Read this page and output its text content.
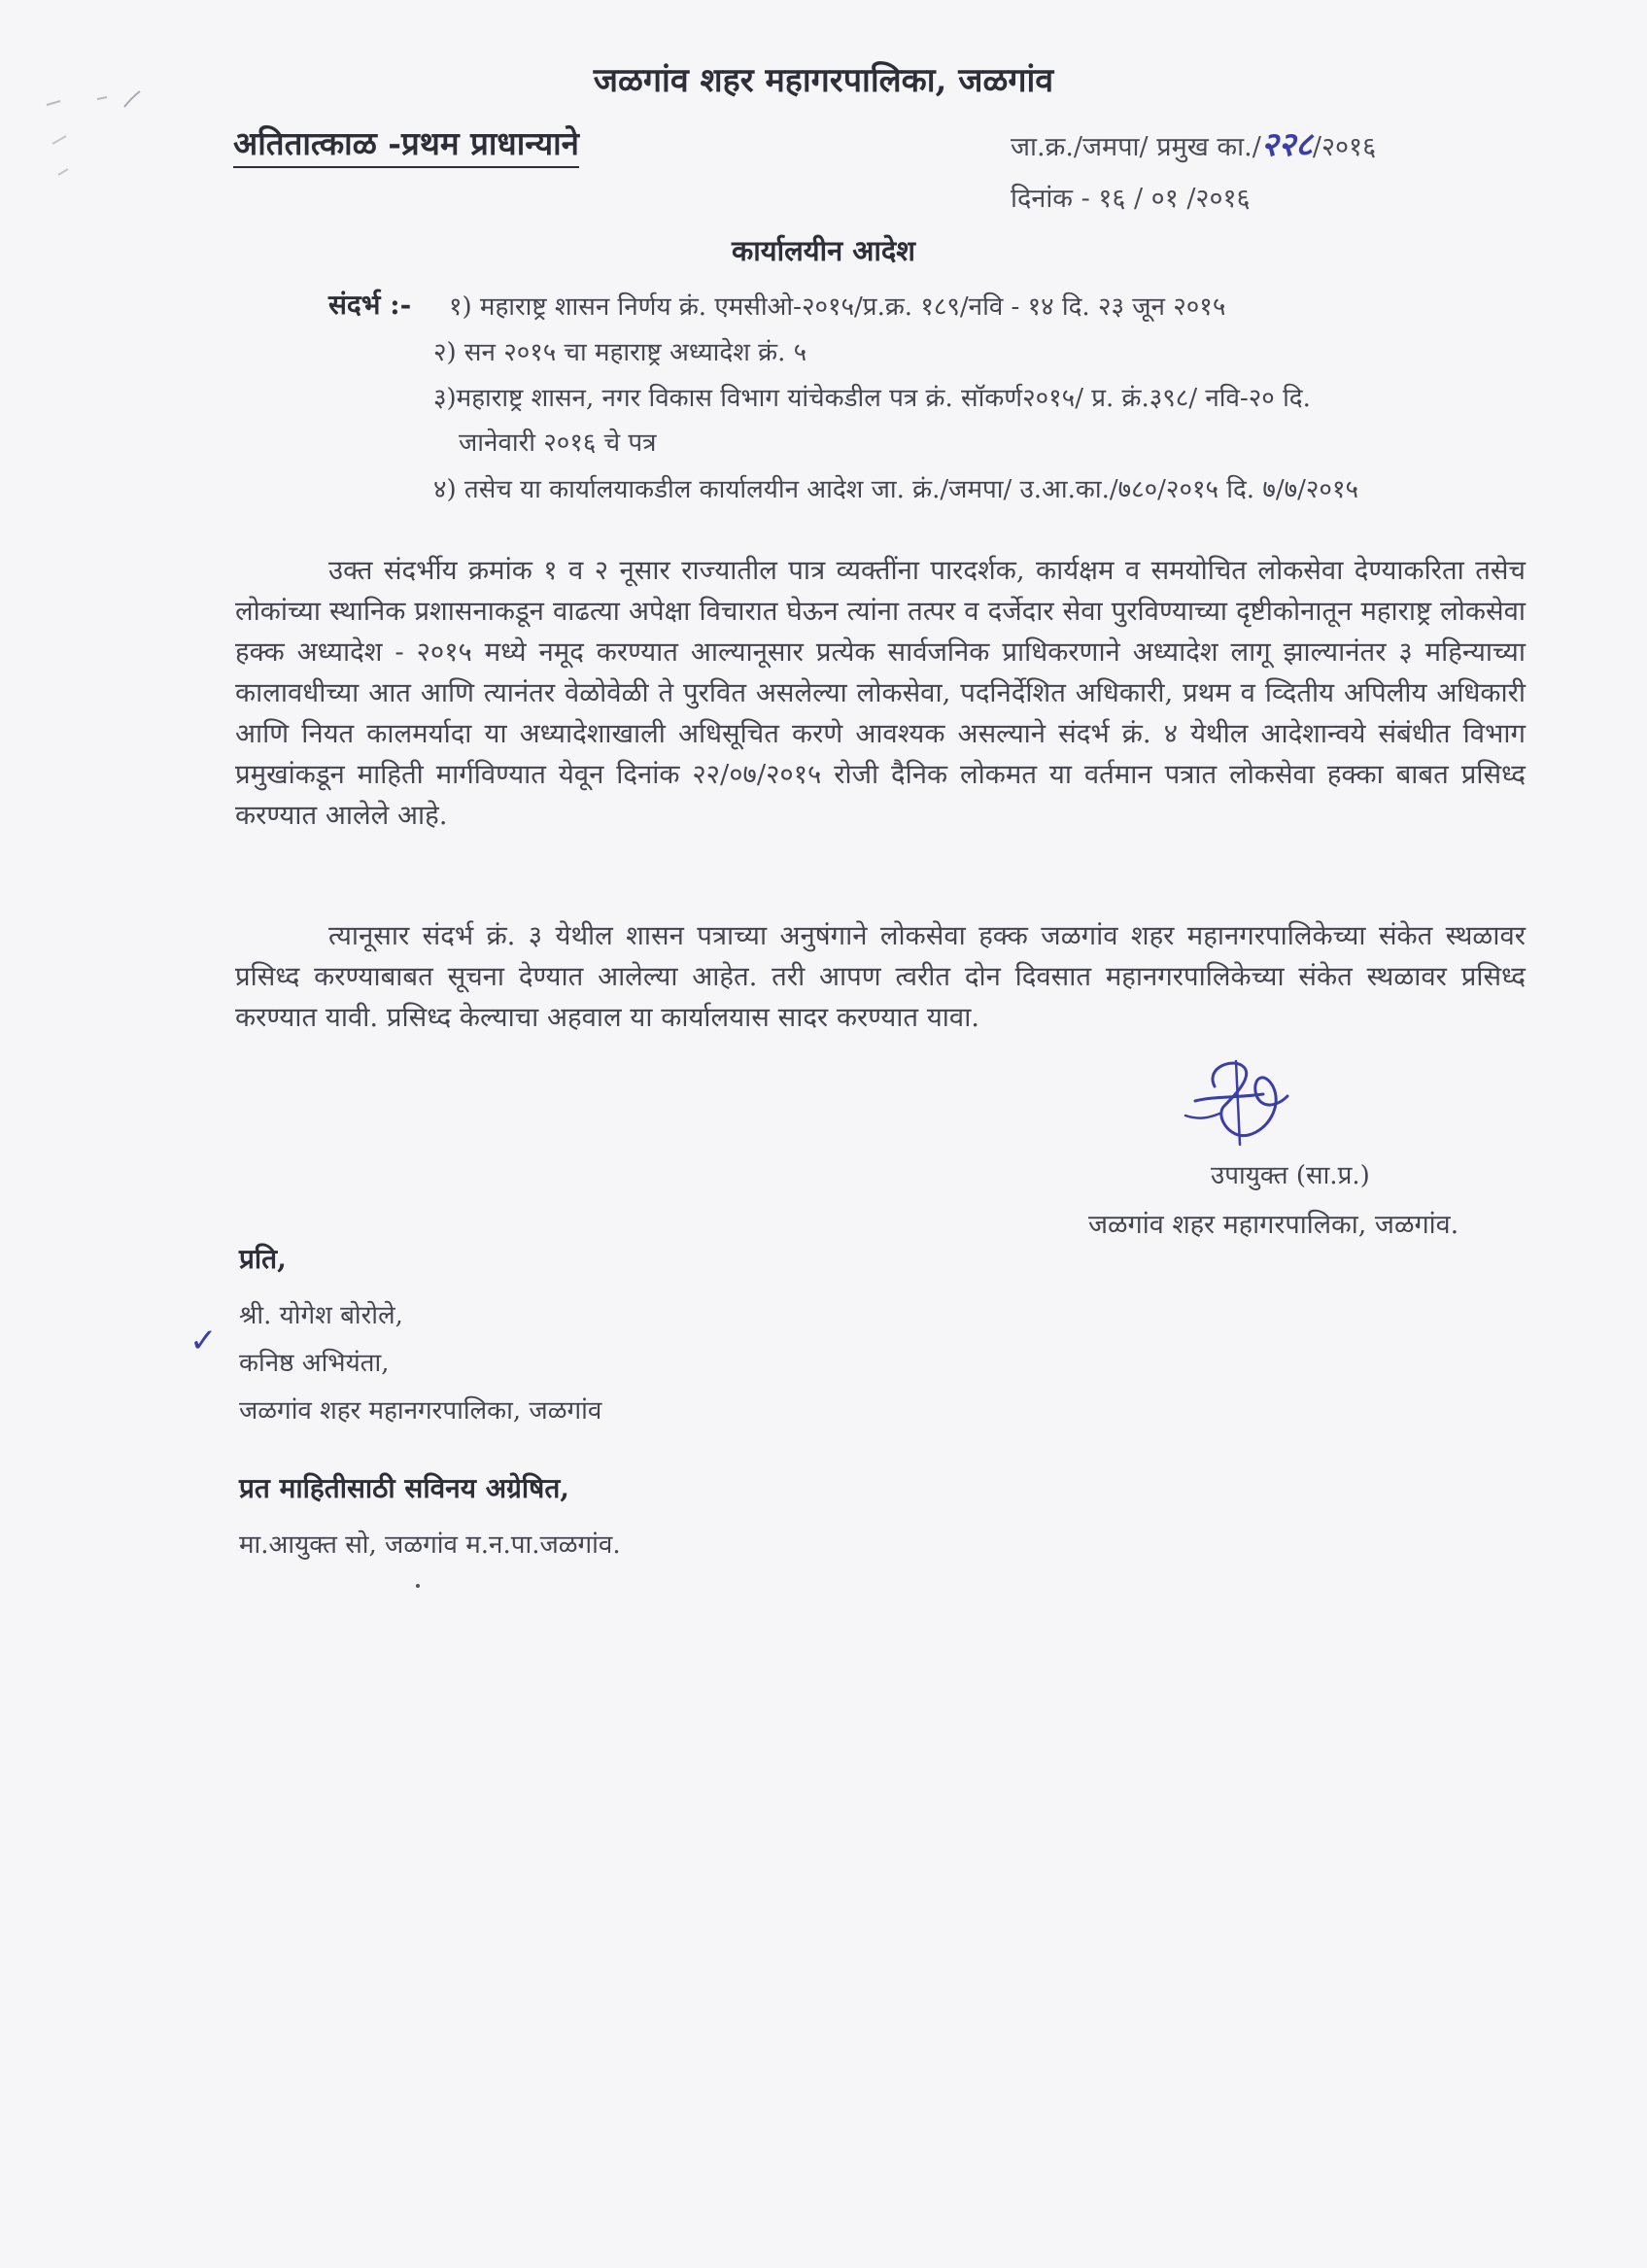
जळगांव शहर महागरपालिका, जळगांव
अतितात्काळ -प्रथम प्राधान्याने	जा.क्र./जमपा/ प्रमुख का./२२८/२०१६
दिनांक - १६ / ०१ /२०१६
कार्यालयीन आदेश
संदर्भ :- १) महाराष्ट्र शासन निर्णय क्रं. एमसीओ-२०१५/प्र.क्र. १८९/नवि - १४ दि. २३ जून २०१५
२) सन २०१५ चा महाराष्ट्र अध्यादेश क्रं. ५
३)महाराष्ट्र शासन, नगर विकास विभाग यांचेकडील पत्र क्रं. सॉकर्ण२०१५/ प्र. क्रं.३९८/ नवि-२० दि.
जानेवारी २०१६ चे पत्र
४) तसेच या कार्यालयाकडील कार्यालयीन आदेश जा. क्रं./जमपा/ उ.आ.का./७८०/२०१५ दि. ७/७/२०१५
उक्त संदर्भीय क्रमांक १ व २ नूसार राज्यातील पात्र व्यक्तींना पारदर्शक, कार्यक्षम व समयोचित लोकसेवा देण्याकरिता तसेच लोकांच्या स्थानिक प्रशासनाकडून वाढत्या अपेक्षा विचारात घेऊन त्यांना तत्पर व दर्जेदार सेवा पुरविण्याच्या दृष्टीकोनातून महाराष्ट्र लोकसेवा हक्क अध्यादेश - २०१५ मध्ये नमूद करण्यात आल्यानूसार प्रत्येक सार्वजनिक प्राधिकरणाने अध्यादेश लागू झाल्यानंतर ३ महिन्याच्या कालावधीच्या आत आणि त्यानंतर वेळोवेळी ते पुरवित असलेल्या लोकसेवा, पदनिर्देशित अधिकारी, प्रथम व व्दितीय अपिलीय अधिकारी आणि नियत कालमर्यादा या अध्यादेशाखाली अधिसूचित करणे आवश्यक असल्याने संदर्भ क्रं. ४ येथील आदेशान्वये संबंधीत विभाग प्रमुखांकडून माहिती मार्गविण्यात येवून दिनांक २२/०७/२०१५ रोजी दैनिक लोकमत या वर्तमान पत्रात लोकसेवा हक्का बाबत प्रसिध्द करण्यात आलेले आहे.
त्यानूसार संदर्भ क्रं. ३ येथील शासन पत्राच्या अनुषंगाने लोकसेवा हक्क जळगांव शहर महानगरपालिकेच्या संकेत स्थळावर प्रसिध्द करण्याबाबत सूचना देण्यात आलेल्या आहेत. तरी आपण त्वरीत दोन दिवसात महानगरपालिकेच्या संकेत स्थळावर प्रसिध्द करण्यात यावी. प्रसिध्द केल्याचा अहवाल या कार्यालयास सादर करण्यात यावा.
उपायुक्त (सा.प्र.)
जळगांव शहर महागरपालिका, जळगांव.
प्रति,
✓
श्री. योगेश बोरोले,
कनिष्ठ अभियंता,
जळगांव शहर महानगरपालिका, जळगांव
प्रत माहितीसाठी सविनय अग्रेषित,
मा.आयुक्त सो, जळगांव म.न.पा.जळगांव.
